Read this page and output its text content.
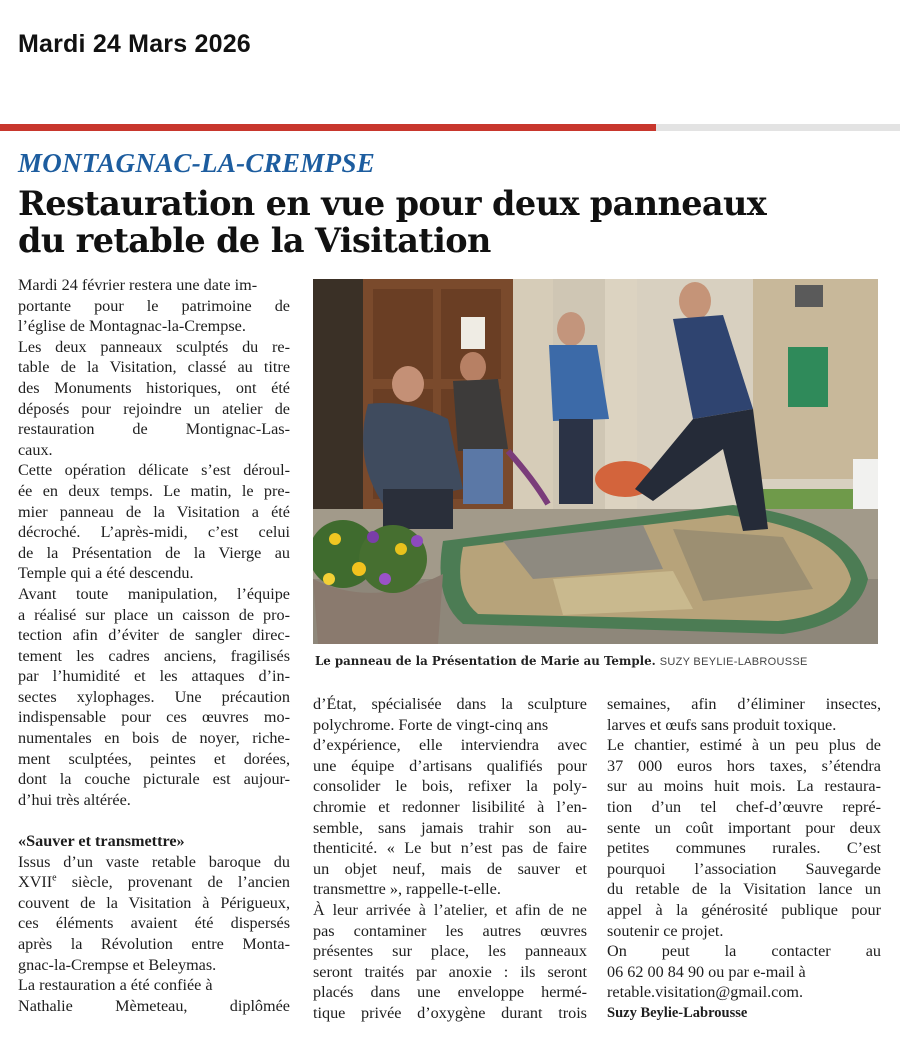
Mardi 24 Mars 2026
MONTAGNAC-LA-CREMPSE
Restauration en vue pour deux panneaux
du retable de la Visitation
Mardi 24 février restera une date im-
portante pour le patrimoine de
l’église de Montagnac-la-Crempse.
Les deux panneaux sculptés du re-
table de la Visitation, classé au titre
des Monuments historiques, ont été
déposés pour rejoindre un atelier de
restauration de Montignac-Las-
caux.
Cette opération délicate s’est déroul-
ée en deux temps. Le matin, le pre-
mier panneau de la Visitation a été
décroché. L’après-midi, c’est celui
de la Présentation de la Vierge au
Temple qui a été descendu.
Avant toute manipulation, l’équipe
a réalisé sur place un caisson de pro-
tection afin d’éviter de sangler direc-
tement les cadres anciens, fragilisés
par l’humidité et les attaques d’in-
sectes xylophages. Une précaution
indispensable pour ces œuvres mo-
numentales en bois de noyer, riche-
ment sculptées, peintes et dorées,
dont la couche picturale est aujour-
d’hui très altérée.
«Sauver et transmettre»
Issus d’un vaste retable baroque du
XVIIe siècle, provenant de l’ancien
couvent de la Visitation à Périgueux,
ces éléments avaient été dispersés
après la Révolution entre Monta-
gnac-la-Crempse et Beleymas.
La restauration a été confiée à
Nathalie Mèmeteau, diplômée
Le panneau de la Présentation de Marie au Temple. SUZY BEYLIE-LABROUSSE
d’État, spécialisée dans la sculpture
polychrome. Forte de vingt-cinq ans
d’expérience, elle interviendra avec
une équipe d’artisans qualifiés pour
consolider le bois, refixer la poly-
chromie et redonner lisibilité à l’en-
semble, sans jamais trahir son au-
thenticité. « Le but n’est pas de faire
un objet neuf, mais de sauver et
transmettre », rappelle-t-elle.
À leur arrivée à l’atelier, et afin de ne
pas contaminer les autres œuvres
présentes sur place, les panneaux
seront traités par anoxie : ils seront
placés dans une enveloppe hermé-
tique privée d’oxygène durant trois
semaines, afin d’éliminer insectes,
larves et œufs sans produit toxique.
Le chantier, estimé à un peu plus de
37 000 euros hors taxes, s’étendra
sur au moins huit mois. La restaura-
tion d’un tel chef-d’œuvre repré-
sente un coût important pour deux
petites communes rurales. C’est
pourquoi l’association Sauvegarde
du retable de la Visitation lance un
appel à la générosité publique pour
soutenir ce projet.
On peut la contacter au
06 62 00 84 90 ou par e-mail à
retable.visitation@gmail.com.
Suzy Beylie-Labrousse
